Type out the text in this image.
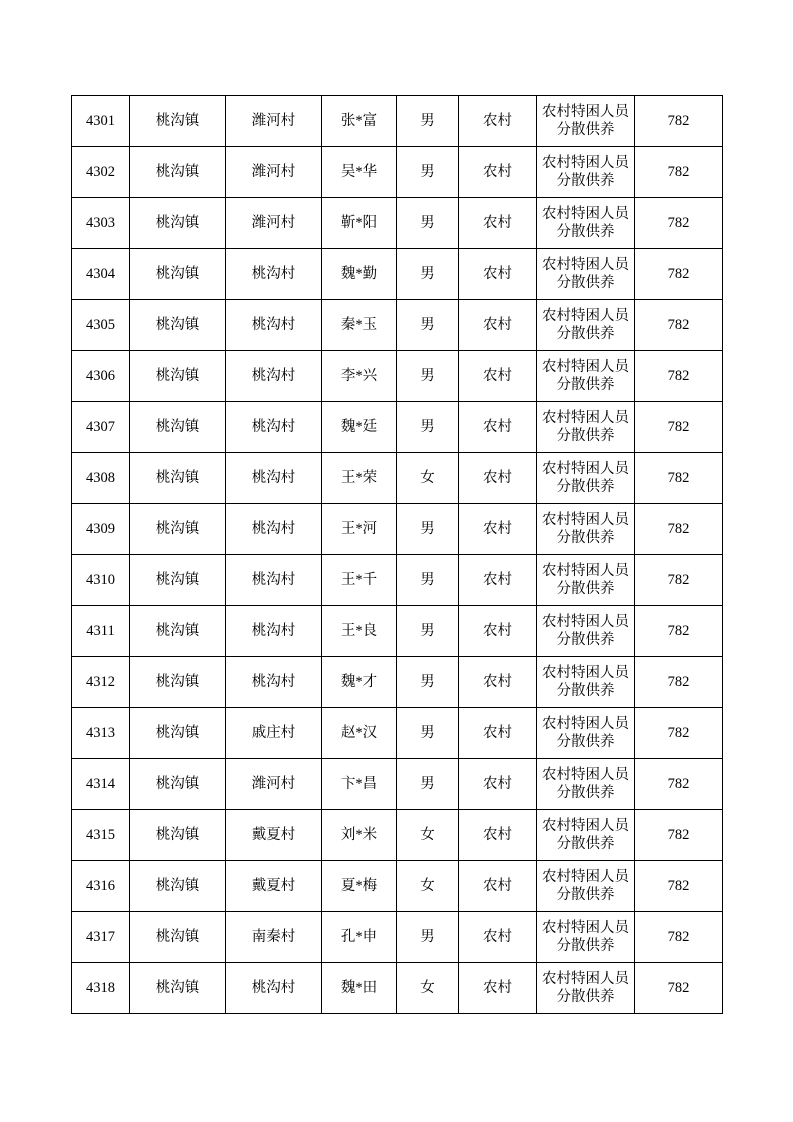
4301	桃沟镇	潍河村	张*富	男	农村	农村特困人员分散供养	782
4302	桃沟镇	潍河村	吴*华	男	农村	农村特困人员分散供养	782
4303	桃沟镇	潍河村	靳*阳	男	农村	农村特困人员分散供养	782
4304	桃沟镇	桃沟村	魏*勤	男	农村	农村特困人员分散供养	782
4305	桃沟镇	桃沟村	秦*玉	男	农村	农村特困人员分散供养	782
4306	桃沟镇	桃沟村	李*兴	男	农村	农村特困人员分散供养	782
4307	桃沟镇	桃沟村	魏*廷	男	农村	农村特困人员分散供养	782
4308	桃沟镇	桃沟村	王*荣	女	农村	农村特困人员分散供养	782
4309	桃沟镇	桃沟村	王*河	男	农村	农村特困人员分散供养	782
4310	桃沟镇	桃沟村	王*千	男	农村	农村特困人员分散供养	782
4311	桃沟镇	桃沟村	王*良	男	农村	农村特困人员分散供养	782
4312	桃沟镇	桃沟村	魏*才	男	农村	农村特困人员分散供养	782
4313	桃沟镇	戚庄村	赵*汉	男	农村	农村特困人员分散供养	782
4314	桃沟镇	潍河村	卞*昌	男	农村	农村特困人员分散供养	782
4315	桃沟镇	戴夏村	刘*米	女	农村	农村特困人员分散供养	782
4316	桃沟镇	戴夏村	夏*梅	女	农村	农村特困人员分散供养	782
4317	桃沟镇	南秦村	孔*申	男	农村	农村特困人员分散供养	782
4318	桃沟镇	桃沟村	魏*田	女	农村	农村特困人员分散供养	782
